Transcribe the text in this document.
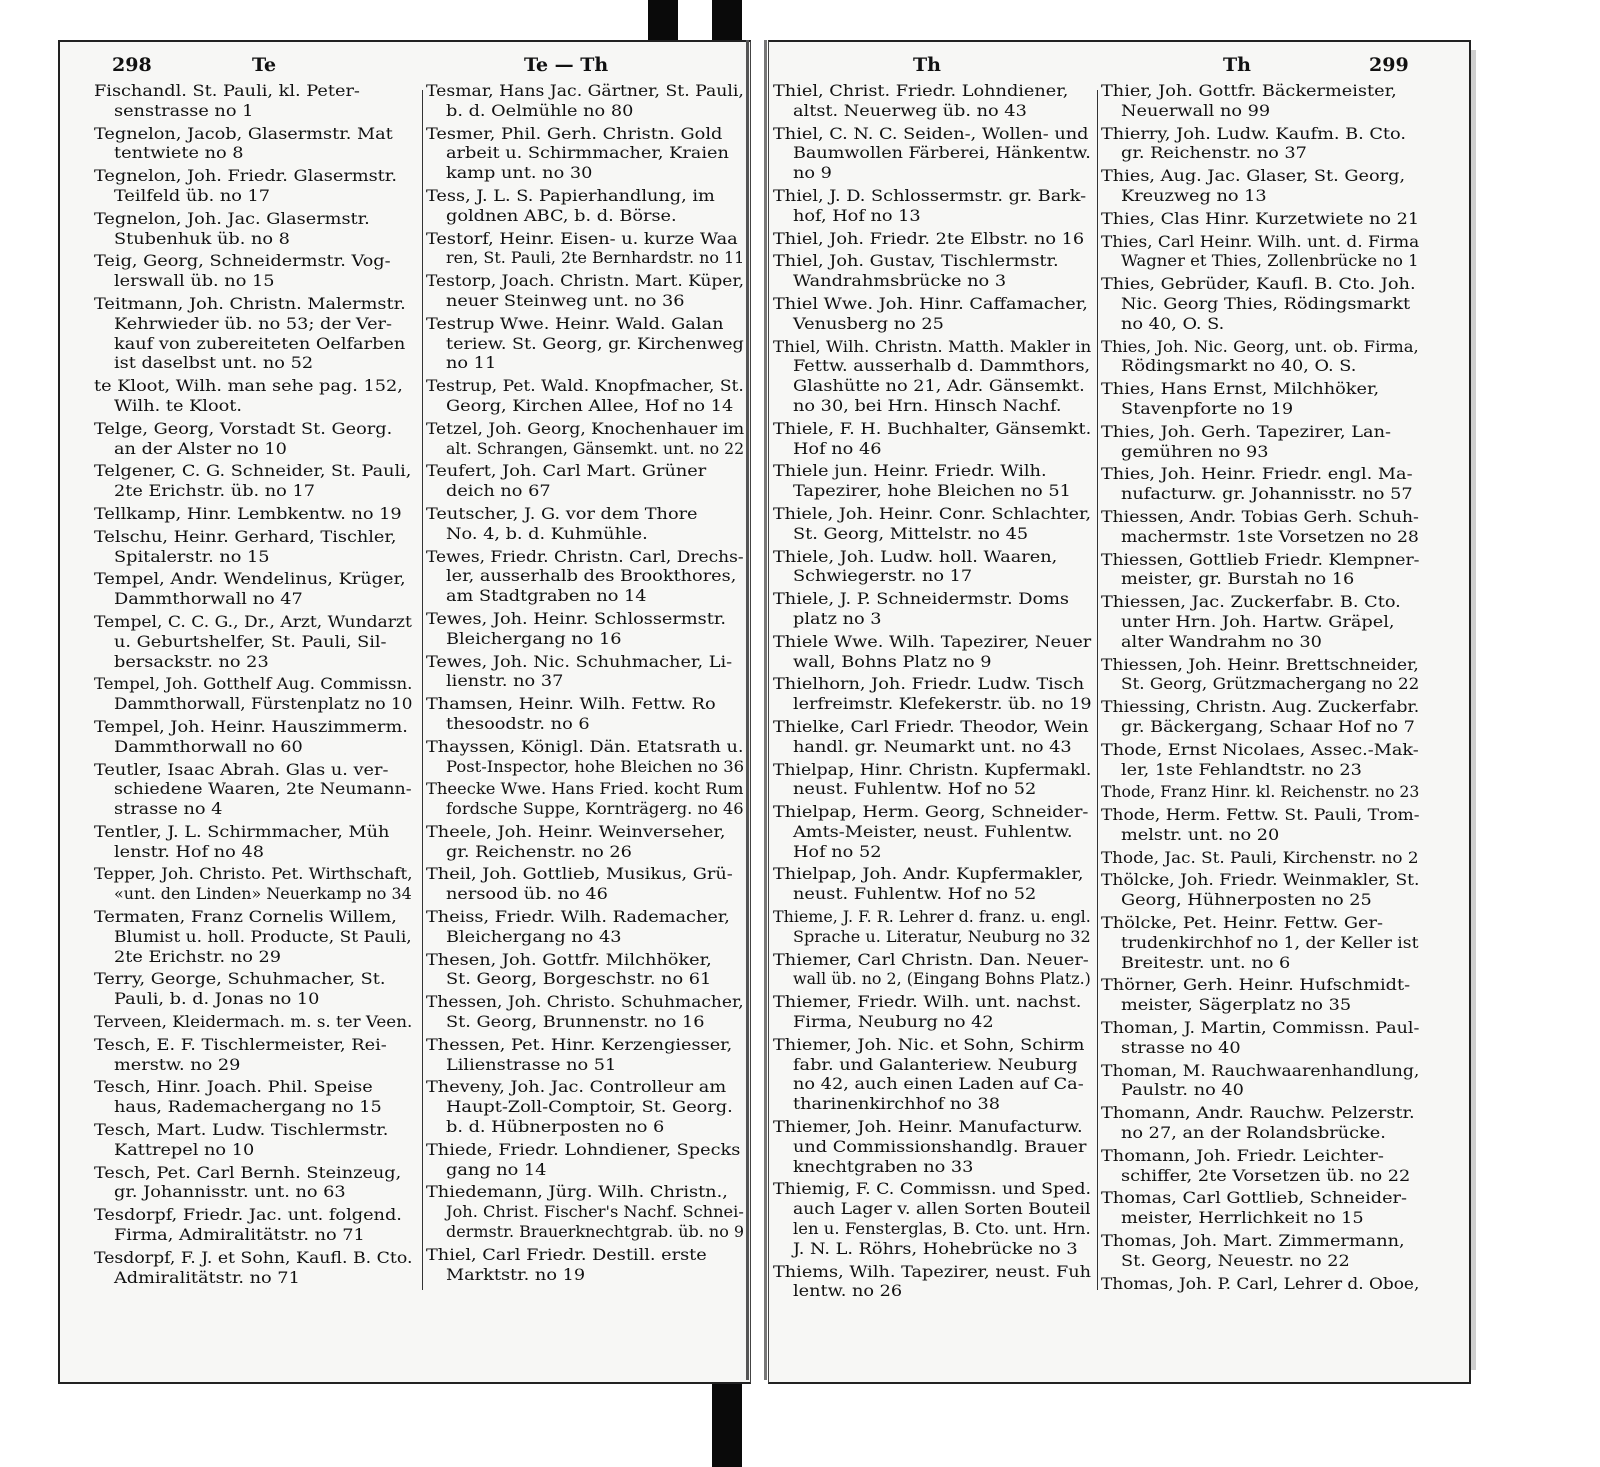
298	Te	Te — Th
Fischandl. St. Pauli, kl. Peter-
senstrasse no 1
Tegnelon, Jacob, Glasermstr. Mat
tentwiete no 8
Tegnelon, Joh. Friedr. Glasermstr.
Teilfeld üb. no 17
Tegnelon, Joh. Jac. Glasermstr.
Stubenhuk üb. no 8
Teig, Georg, Schneidermstr. Vog-
lerswall üb. no 15
Teitmann, Joh. Christn. Malermstr.
Kehrwieder üb. no 53; der Ver-
kauf von zubereiteten Oelfarben
ist daselbst unt. no 52
te Kloot, Wilh. man sehe pag. 152,
Wilh. te Kloot.
Telge, Georg, Vorstadt St. Georg.
an der Alster no 10
Telgener, C. G. Schneider, St. Pauli,
2te Erichstr. üb. no 17
Tellkamp, Hinr. Lembkentw. no 19
Telschu, Heinr. Gerhard, Tischler,
Spitalerstr. no 15
Tempel, Andr. Wendelinus, Krüger,
Dammthorwall no 47
Tempel, C. C. G., Dr., Arzt, Wundarzt
u. Geburtshelfer, St. Pauli, Sil-
bersackstr. no 23
Tempel, Joh. Gotthelf Aug. Commissn.
Dammthorwall, Fürstenplatz no 10
Tempel, Joh. Heinr. Hauszimmerm.
Dammthorwall no 60
Teutler, Isaac Abrah. Glas u. ver-
schiedene Waaren, 2te Neumann-
strasse no 4
Tentler, J. L. Schirmmacher, Müh
lenstr. Hof no 48
Tepper, Joh. Christo. Pet. Wirthschaft,
«unt. den Linden» Neuerkamp no 34
Termaten, Franz Cornelis Willem,
Blumist u. holl. Producte, St Pauli,
2te Erichstr. no 29
Terry, George, Schuhmacher, St.
Pauli, b. d. Jonas no 10
Terveen, Kleidermach. m. s. ter Veen.
Tesch, E. F. Tischlermeister, Rei-
merstw. no 29
Tesch, Hinr. Joach. Phil. Speise
haus, Rademachergang no 15
Tesch, Mart. Ludw. Tischlermstr.
Kattrepel no 10
Tesch, Pet. Carl Bernh. Steinzeug,
gr. Johannisstr. unt. no 63
Tesdorpf, Friedr. Jac. unt. folgend.
Firma, Admiralitätstr. no 71
Tesdorpf, F. J. et Sohn, Kaufl. B. Cto.
Admiralitätstr. no 71
Tesmar, Hans Jac. Gärtner, St. Pauli,
b. d. Oelmühle no 80
Tesmer, Phil. Gerh. Christn. Gold
arbeit u. Schirmmacher, Kraien
kamp unt. no 30
Tess, J. L. S. Papierhandlung, im
goldnen ABC, b. d. Börse.
Testorf, Heinr. Eisen- u. kurze Waa
ren, St. Pauli, 2te Bernhardstr. no 11
Testorp, Joach. Christn. Mart. Küper,
neuer Steinweg unt. no 36
Testrup Wwe. Heinr. Wald. Galan
teriew. St. Georg, gr. Kirchenweg
no 11
Testrup, Pet. Wald. Knopfmacher, St.
Georg, Kirchen Allee, Hof no 14
Tetzel, Joh. Georg, Knochenhauer im
alt. Schrangen, Gänsemkt. unt. no 22
Teufert, Joh. Carl Mart. Grüner
deich no 67
Teutscher, J. G. vor dem Thore
No. 4, b. d. Kuhmühle.
Tewes, Friedr. Christn. Carl, Drechs-
ler, ausserhalb des Brookthores,
am Stadtgraben no 14
Tewes, Joh. Heinr. Schlossermstr.
Bleichergang no 16
Tewes, Joh. Nic. Schuhmacher, Li-
lienstr. no 37
Thamsen, Heinr. Wilh. Fettw. Ro
thesoodstr. no 6
Thayssen, Königl. Dän. Etatsrath u.
Post-Inspector, hohe Bleichen no 36
Theecke Wwe. Hans Fried. kocht Rum
fordsche Suppe, Kornträgerg. no 46
Theele, Joh. Heinr. Weinverseher,
gr. Reichenstr. no 26
Theil, Joh. Gottlieb, Musikus, Grü-
nersood üb. no 46
Theiss, Friedr. Wilh. Rademacher,
Bleichergang no 43
Thesen, Joh. Gottfr. Milchhöker,
St. Georg, Borgeschstr. no 61
Thessen, Joh. Christo. Schuhmacher,
St. Georg, Brunnenstr. no 16
Thessen, Pet. Hinr. Kerzengiesser,
Lilienstrasse no 51
Theveny, Joh. Jac. Controlleur am
Haupt-Zoll-Comptoir, St. Georg.
b. d. Hübnerposten no 6
Thiede, Friedr. Lohndiener, Specks
gang no 14
Thiedemann, Jürg. Wilh. Christn.,
Joh. Christ. Fischer's Nachf. Schnei-
dermstr. Brauerknechtgrab. üb. no 9
Thiel, Carl Friedr. Destill. erste
Marktstr. no 19
Th	Th	299
Thiel, Christ. Friedr. Lohndiener,
altst. Neuerweg üb. no 43
Thiel, C. N. C. Seiden-, Wollen- und
Baumwollen Färberei, Hänkentw.
no 9
Thiel, J. D. Schlossermstr. gr. Bark-
hof, Hof no 13
Thiel, Joh. Friedr. 2te Elbstr. no 16
Thiel, Joh. Gustav, Tischlermstr.
Wandrahmsbrücke no 3
Thiel Wwe. Joh. Hinr. Caffamacher,
Venusberg no 25
Thiel, Wilh. Christn. Matth. Makler in
Fettw. ausserhalb d. Dammthors,
Glashütte no 21, Adr. Gänsemkt.
no 30, bei Hrn. Hinsch Nachf.
Thiele, F. H. Buchhalter, Gänsemkt.
Hof no 46
Thiele jun. Heinr. Friedr. Wilh.
Tapezirer, hohe Bleichen no 51
Thiele, Joh. Heinr. Conr. Schlachter,
St. Georg, Mittelstr. no 45
Thiele, Joh. Ludw. holl. Waaren,
Schwiegerstr. no 17
Thiele, J. P. Schneidermstr. Doms
platz no 3
Thiele Wwe. Wilh. Tapezirer, Neuer
wall, Bohns Platz no 9
Thielhorn, Joh. Friedr. Ludw. Tisch
lerfreimstr. Klefekerstr. üb. no 19
Thielke, Carl Friedr. Theodor, Wein
handl. gr. Neumarkt unt. no 43
Thielpap, Hinr. Christn. Kupfermakl.
neust. Fuhlentw. Hof no 52
Thielpap, Herm. Georg, Schneider-
Amts-Meister, neust. Fuhlentw.
Hof no 52
Thielpap, Joh. Andr. Kupfermakler,
neust. Fuhlentw. Hof no 52
Thieme, J. F. R. Lehrer d. franz. u. engl.
Sprache u. Literatur, Neuburg no 32
Thiemer, Carl Christn. Dan. Neuer-
wall üb. no 2, (Eingang Bohns Platz.)
Thiemer, Friedr. Wilh. unt. nachst.
Firma, Neuburg no 42
Thiemer, Joh. Nic. et Sohn, Schirm
fabr. und Galanteriew. Neuburg
no 42, auch einen Laden auf Ca-
tharinenkirchhof no 38
Thiemer, Joh. Heinr. Manufacturw.
und Commissionshandlg. Brauer
knechtgraben no 33
Thiemig, F. C. Commissn. und Sped.
auch Lager v. allen Sorten Bouteil
len u. Fensterglas, B. Cto. unt. Hrn.
J. N. L. Röhrs, Hohebrücke no 3
Thiems, Wilh. Tapezirer, neust. Fuh
lentw. no 26
Thier, Joh. Gottfr. Bäckermeister,
Neuerwall no 99
Thierry, Joh. Ludw. Kaufm. B. Cto.
gr. Reichenstr. no 37
Thies, Aug. Jac. Glaser, St. Georg,
Kreuzweg no 13
Thies, Clas Hinr. Kurzetwiete no 21
Thies, Carl Heinr. Wilh. unt. d. Firma
Wagner et Thies, Zollenbrücke no 1
Thies, Gebrüder, Kaufl. B. Cto. Joh.
Nic. Georg Thies, Rödingsmarkt
no 40, O. S.
Thies, Joh. Nic. Georg, unt. ob. Firma,
Rödingsmarkt no 40, O. S.
Thies, Hans Ernst, Milchhöker,
Stavenpforte no 19
Thies, Joh. Gerh. Tapezirer, Lan-
gemühren no 93
Thies, Joh. Heinr. Friedr. engl. Ma-
nufacturw. gr. Johannisstr. no 57
Thiessen, Andr. Tobias Gerh. Schuh-
machermstr. 1ste Vorsetzen no 28
Thiessen, Gottlieb Friedr. Klempner-
meister, gr. Burstah no 16
Thiessen, Jac. Zuckerfabr. B. Cto.
unter Hrn. Joh. Hartw. Gräpel,
alter Wandrahm no 30
Thiessen, Joh. Heinr. Brettschneider,
St. Georg, Grützmachergang no 22
Thiessing, Christn. Aug. Zuckerfabr.
gr. Bäckergang, Schaar Hof no 7
Thode, Ernst Nicolaes, Assec.-Mak-
ler, 1ste Fehlandtstr. no 23
Thode, Franz Hinr. kl. Reichenstr. no 23
Thode, Herm. Fettw. St. Pauli, Trom-
melstr. unt. no 20
Thode, Jac. St. Pauli, Kirchenstr. no 2
Thölcke, Joh. Friedr. Weinmakler, St.
Georg, Hühnerposten no 25
Thölcke, Pet. Heinr. Fettw. Ger-
trudenkirchhof no 1, der Keller ist
Breitestr. unt. no 6
Thörner, Gerh. Heinr. Hufschmidt-
meister, Sägerplatz no 35
Thoman, J. Martin, Commissn. Paul-
strasse no 40
Thoman, M. Rauchwaarenhandlung,
Paulstr. no 40
Thomann, Andr. Rauchw. Pelzerstr.
no 27, an der Rolandsbrücke.
Thomann, Joh. Friedr. Leichter-
schiffer, 2te Vorsetzen üb. no 22
Thomas, Carl Gottlieb, Schneider-
meister, Herrlichkeit no 15
Thomas, Joh. Mart. Zimmermann,
St. Georg, Neuestr. no 22
Thomas, Joh. P. Carl, Lehrer d. Oboe,
